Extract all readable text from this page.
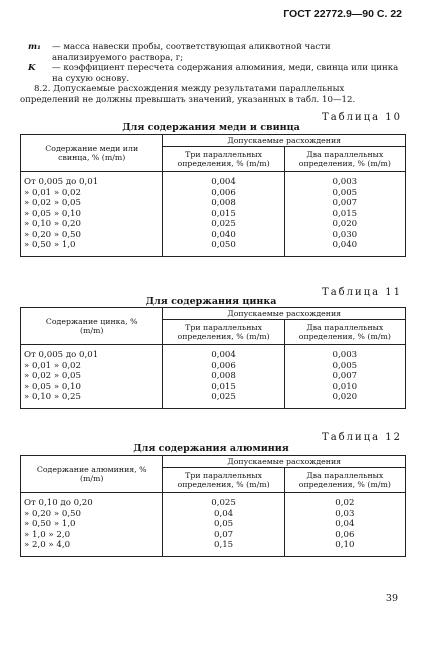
ГОСТ 22772.9—90 С. 22
m₁	— масса навески пробы, соответствующая аликвотной части анализируемого раствора, г;
K	— коэффициент пересчета содержания алюминия, меди, свинца или цинка на сухую основу.
8.2. Допускаемые расхождения между результатами параллельных определений не должны превышать значений, указанных в табл. 10—12.
Таблица 10
Для содержания меди и свинца
Содержание меди или свинца, % (m/m)	Допускаемые расхождения	
	Три параллельных определения, % (m/m)	Два параллельных определения, % (m/m)
От 0,005 до 0,01	0,004	0,003
» 0,01 » 0,02	0,006	0,005
» 0,02 » 0,05	0,008	0,007
» 0,05 » 0,10	0,015	0,015
» 0,10 » 0,20	0,025	0,020
» 0,20 » 0,50	0,040	0,030
» 0,50 » 1,0	0,050	0,040
Таблица 11
Для содержания цинка
Содержание цинка, % (m/m)	Допускаемые расхождения	
	Три параллельных определения, % (m/m)	Два параллельных определения, % (m/m)
От 0,005 до 0,01	0,004	0,003
» 0,01 » 0,02	0,006	0,005
» 0,02 » 0,05	0,008	0,007
» 0,05 » 0,10	0,015	0,010
» 0,10 » 0,25	0,025	0,020
Таблица 12
Для содержания алюминия
Содержание алюминия, % (m/m)	Допускаемые расхождения	
	Три параллельных определения, % (m/m)	Два параллельных определения, % (m/m)
От 0,10 до 0,20	0,025	0,02
» 0,20 » 0,50	0,04	0,03
» 0,50 » 1,0	0,05	0,04
» 1,0 » 2,0	0,07	0,06
» 2,0 » 4,0	0,15	0,10
39
